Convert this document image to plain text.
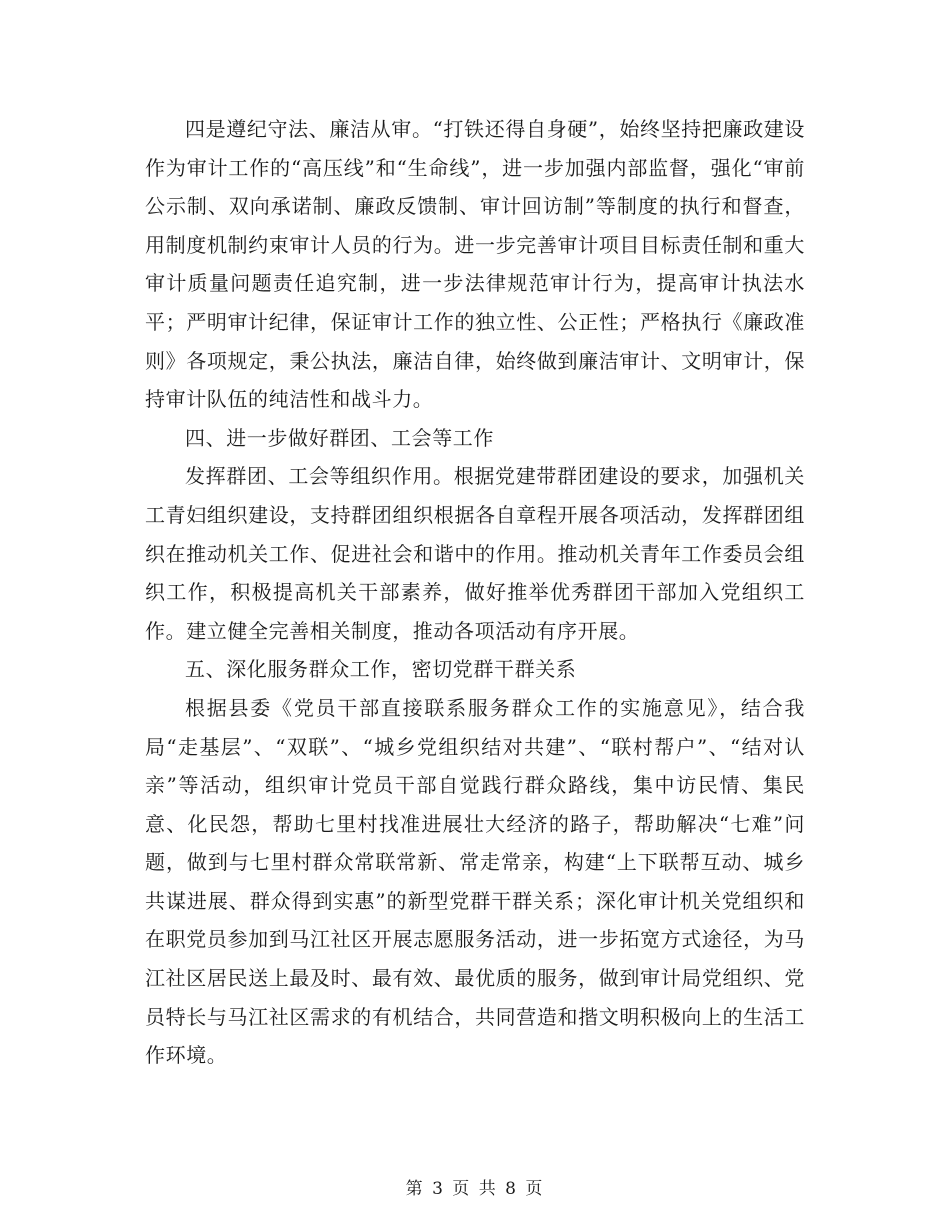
四是遵纪守法、廉洁从审。“打铁还得自身硬”，始终坚持把廉政建设作为审计工作的“高压线”和“生命线”，进一步加强内部监督，强化“审前公示制、双向承诺制、廉政反馈制、审计回访制”等制度的执行和督查，用制度机制约束审计人员的行为。进一步完善审计项目目标责任制和重大审计质量问题责任追究制，进一步法律规范审计行为，提高审计执法水平；严明审计纪律，保证审计工作的独立性、公正性；严格执行《廉政准则》各项规定，秉公执法，廉洁自律，始终做到廉洁审计、文明审计，保持审计队伍的纯洁性和战斗力。

四、进一步做好群团、工会等工作

发挥群团、工会等组织作用。根据党建带群团建设的要求，加强机关工青妇组织建设，支持群团组织根据各自章程开展各项活动，发挥群团组织在推动机关工作、促进社会和谐中的作用。推动机关青年工作委员会组织工作，积极提高机关干部素养，做好推举优秀群团干部加入党组织工作。建立健全完善相关制度，推动各项活动有序开展。

五、深化服务群众工作，密切党群干群关系

根据县委《党员干部直接联系服务群众工作的实施意见》，结合我局“走基层”、“双联”、“城乡党组织结对共建”、“联村帮户”、“结对认亲”等活动，组织审计党员干部自觉践行群众路线，集中访民情、集民意、化民怨，帮助七里村找准进展壮大经济的路子，帮助解决“七难”问题，做到与七里村群众常联常新、常走常亲，构建“上下联帮互动、城乡共谋进展、群众得到实惠”的新型党群干群关系；深化审计机关党组织和在职党员参加到马江社区开展志愿服务活动，进一步拓宽方式途径，为马江社区居民送上最及时、最有效、最优质的服务，做到审计局党组织、党员特长与马江社区需求的有机结合，共同营造和揩文明积极向上的生活工作环境。

第 3 页 共 8 页
